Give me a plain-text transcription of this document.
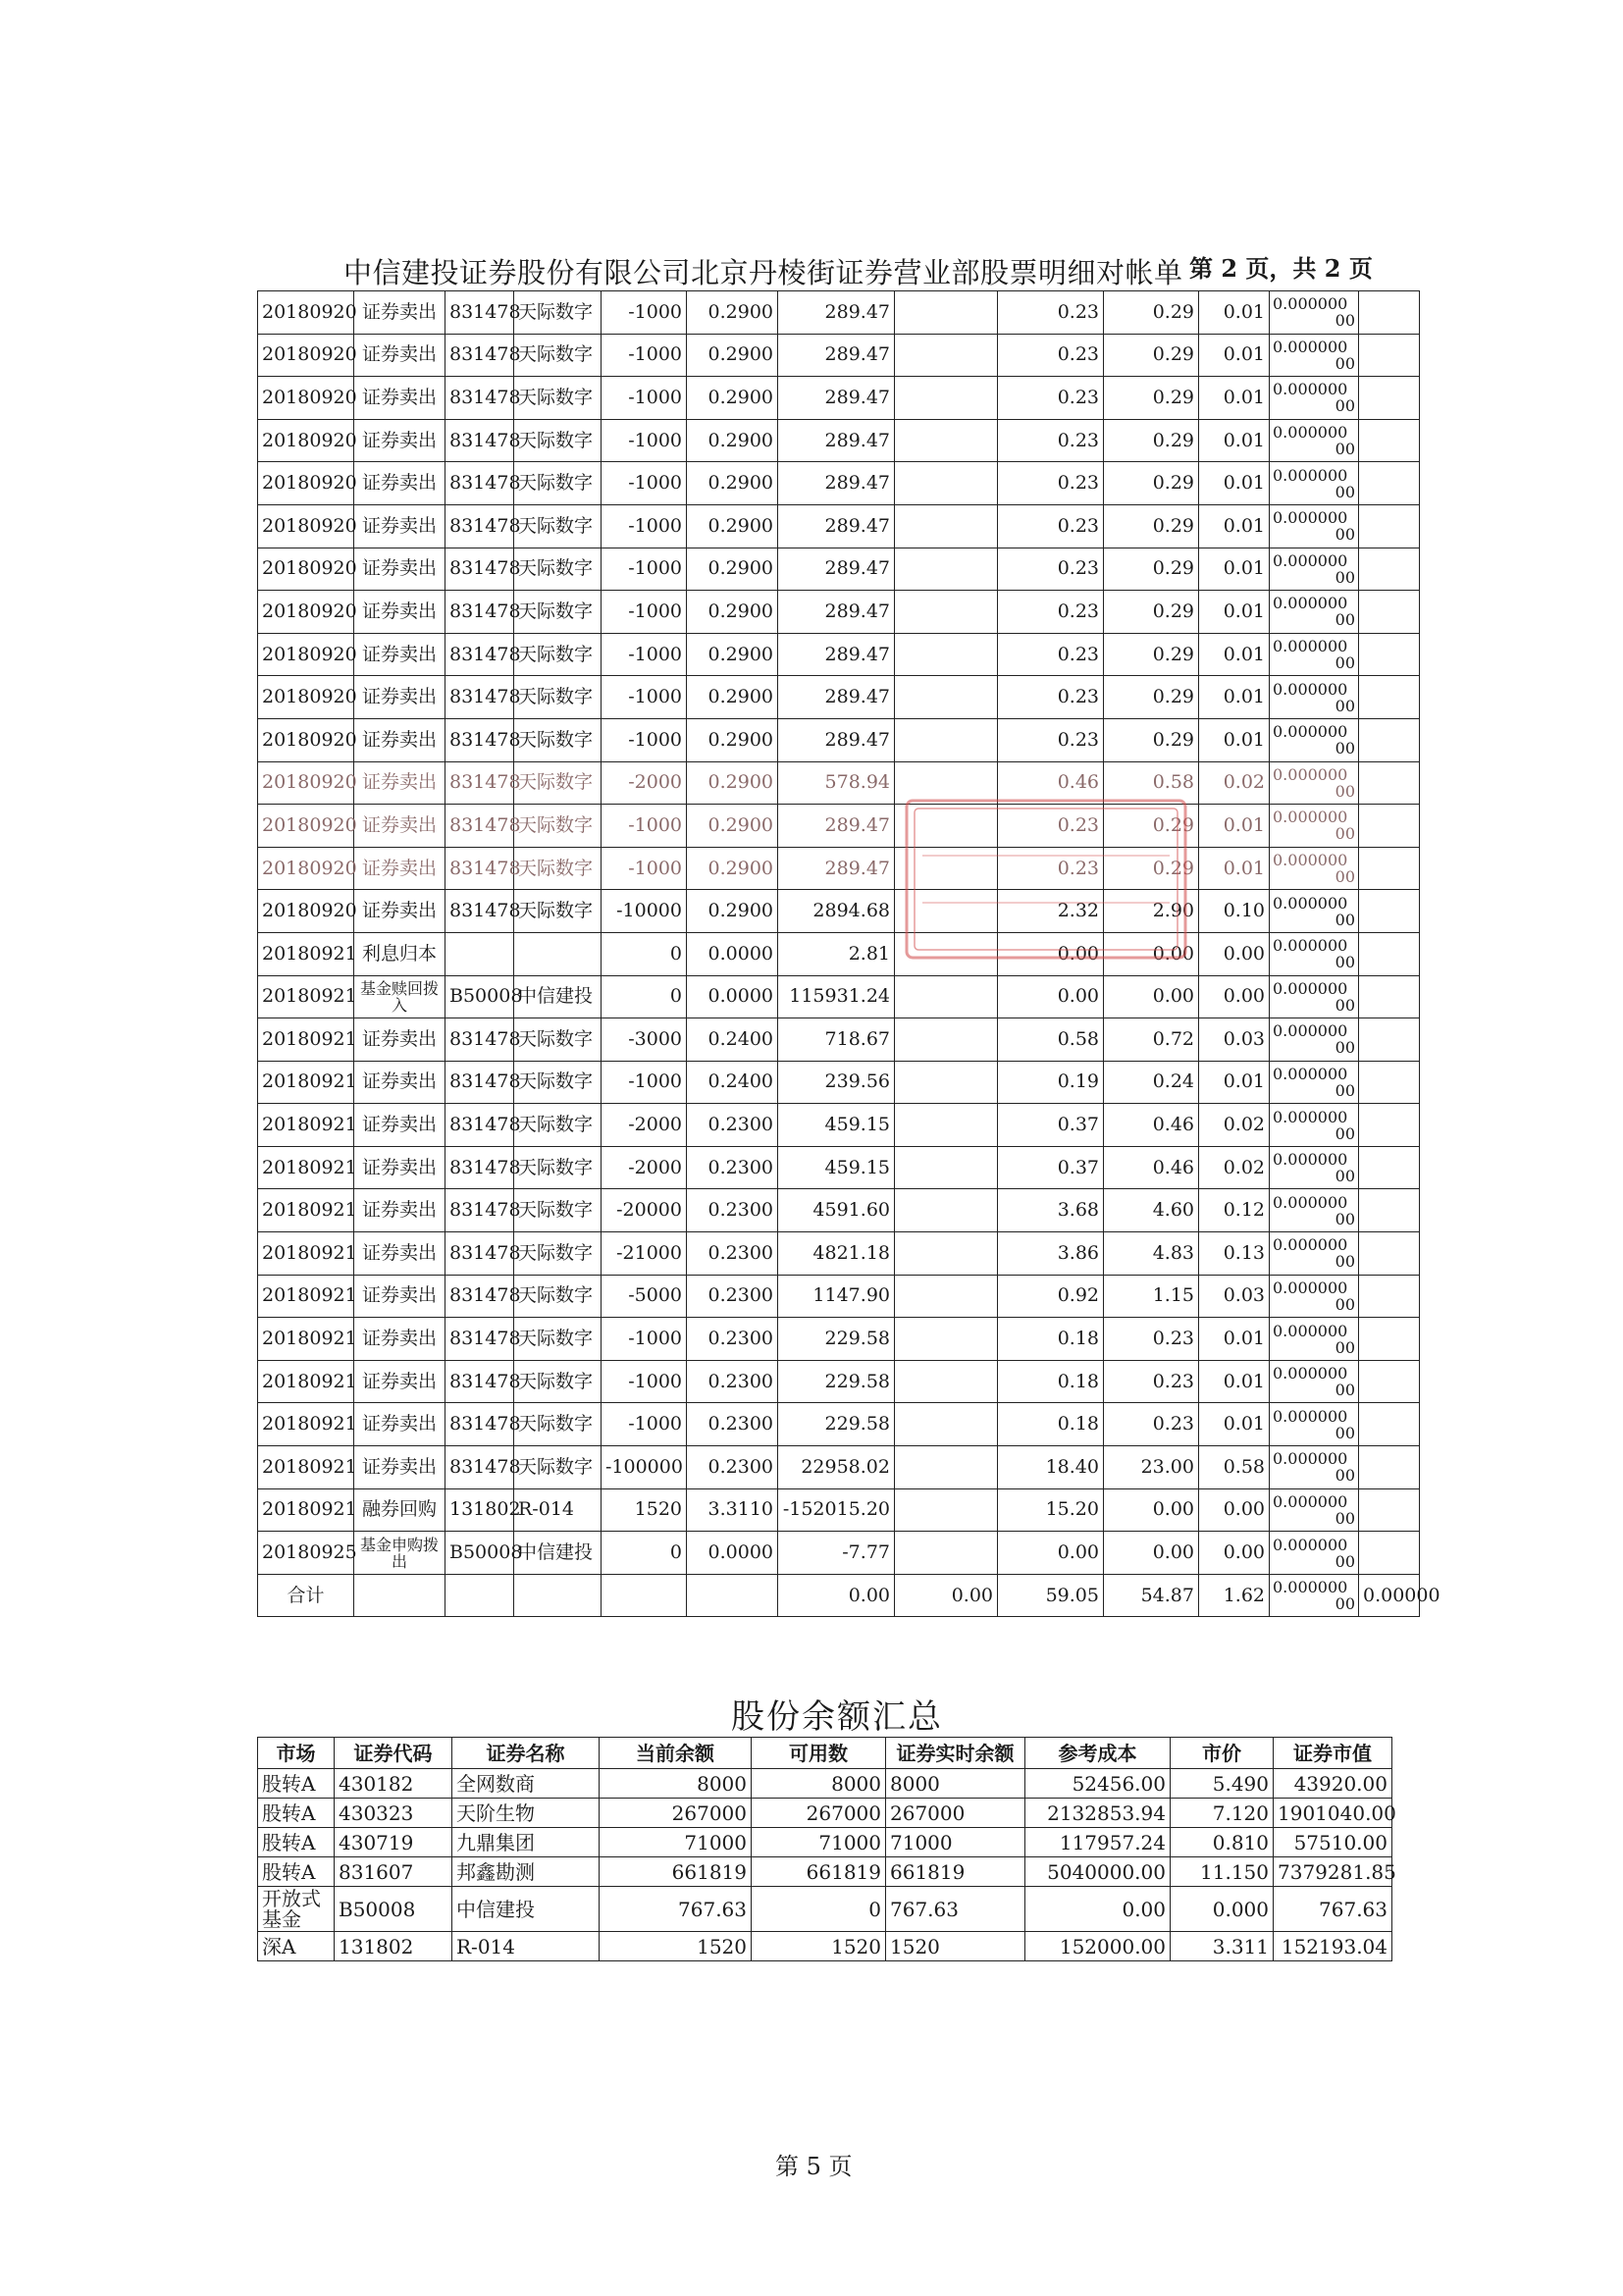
中信建投证券股份有限公司北京丹棱街证券营业部股票明细对帐单 第 2 页，共 2 页
20180920	证券卖出	831478	天际数字	-1000	0.2900	289.47		0.23	0.29	0.01	0.000000
00	

20180920	证券卖出	831478	天际数字	-1000	0.2900	289.47		0.23	0.29	0.01	0.000000
00	

20180920	证券卖出	831478	天际数字	-1000	0.2900	289.47		0.23	0.29	0.01	0.000000
00	

20180920	证券卖出	831478	天际数字	-1000	0.2900	289.47		0.23	0.29	0.01	0.000000
00	

20180920	证券卖出	831478	天际数字	-1000	0.2900	289.47		0.23	0.29	0.01	0.000000
00	

20180920	证券卖出	831478	天际数字	-1000	0.2900	289.47		0.23	0.29	0.01	0.000000
00	

20180920	证券卖出	831478	天际数字	-1000	0.2900	289.47		0.23	0.29	0.01	0.000000
00	

20180920	证券卖出	831478	天际数字	-1000	0.2900	289.47		0.23	0.29	0.01	0.000000
00	

20180920	证券卖出	831478	天际数字	-1000	0.2900	289.47		0.23	0.29	0.01	0.000000
00	

20180920	证券卖出	831478	天际数字	-1000	0.2900	289.47		0.23	0.29	0.01	0.000000
00	

20180920	证券卖出	831478	天际数字	-1000	0.2900	289.47		0.23	0.29	0.01	0.000000
00	

20180920	证券卖出	831478	天际数字	-2000	0.2900	578.94		0.46	0.58	0.02	0.000000
00	

20180920	证券卖出	831478	天际数字	-1000	0.2900	289.47		0.23	0.29	0.01	0.000000
00	

20180920	证券卖出	831478	天际数字	-1000	0.2900	289.47		0.23	0.29	0.01	0.000000
00	

20180920	证券卖出	831478	天际数字	-10000	0.2900	2894.68		2.32	2.90	0.10	0.000000
00	

20180921	利息归本			0	0.0000	2.81		0.00	0.00	0.00	0.000000
00	

20180921	基金赎回拨入	B50008	中信建投	0	0.0000	115931.24		0.00	0.00	0.00	0.000000
00	

20180921	证券卖出	831478	天际数字	-3000	0.2400	718.67		0.58	0.72	0.03	0.000000
00	

20180921	证券卖出	831478	天际数字	-1000	0.2400	239.56		0.19	0.24	0.01	0.000000
00	

20180921	证券卖出	831478	天际数字	-2000	0.2300	459.15		0.37	0.46	0.02	0.000000
00	

20180921	证券卖出	831478	天际数字	-2000	0.2300	459.15		0.37	0.46	0.02	0.000000
00	

20180921	证券卖出	831478	天际数字	-20000	0.2300	4591.60		3.68	4.60	0.12	0.000000
00	

20180921	证券卖出	831478	天际数字	-21000	0.2300	4821.18		3.86	4.83	0.13	0.000000
00	

20180921	证券卖出	831478	天际数字	-5000	0.2300	1147.90		0.92	1.15	0.03	0.000000
00	

20180921	证券卖出	831478	天际数字	-1000	0.2300	229.58		0.18	0.23	0.01	0.000000
00	

20180921	证券卖出	831478	天际数字	-1000	0.2300	229.58		0.18	0.23	0.01	0.000000
00	

20180921	证券卖出	831478	天际数字	-1000	0.2300	229.58		0.18	0.23	0.01	0.000000
00	

20180921	证券卖出	831478	天际数字	-100000	0.2300	22958.02		18.40	23.00	0.58	0.000000
00	

20180921	融券回购	131802	R-014	1520	3.3110	-152015.20		15.20	0.00	0.00	0.000000
00	

20180925	基金申购拨出	B50008	中信建投	0	0.0000	-7.77		0.00	0.00	0.00	0.000000
00	

合计						0.00	0.00	59.05	54.87	1.62	0.000000
00	0.00000
股份余额汇总
市场	证券代码	证券名称	当前余额	可用数	证券实时余额	参考成本	市价	证券市值
股转A	430182	全网数商	8000	8000	8000	52456.00	5.490	43920.00
股转A	430323	天阶生物	267000	267000	267000	2132853.94	7.120	1901040.00
股转A	430719	九鼎集团	71000	71000	71000	117957.24	0.810	57510.00
股转A	831607	邦鑫勘测	661819	661819	661819	5040000.00	11.150	7379281.85
开放式基金	B50008	中信建投	767.63	0	767.63	0.00	0.000	767.63
深A	131802	R-014	1520	1520	1520	152000.00	3.311	152193.04
第 5 页
